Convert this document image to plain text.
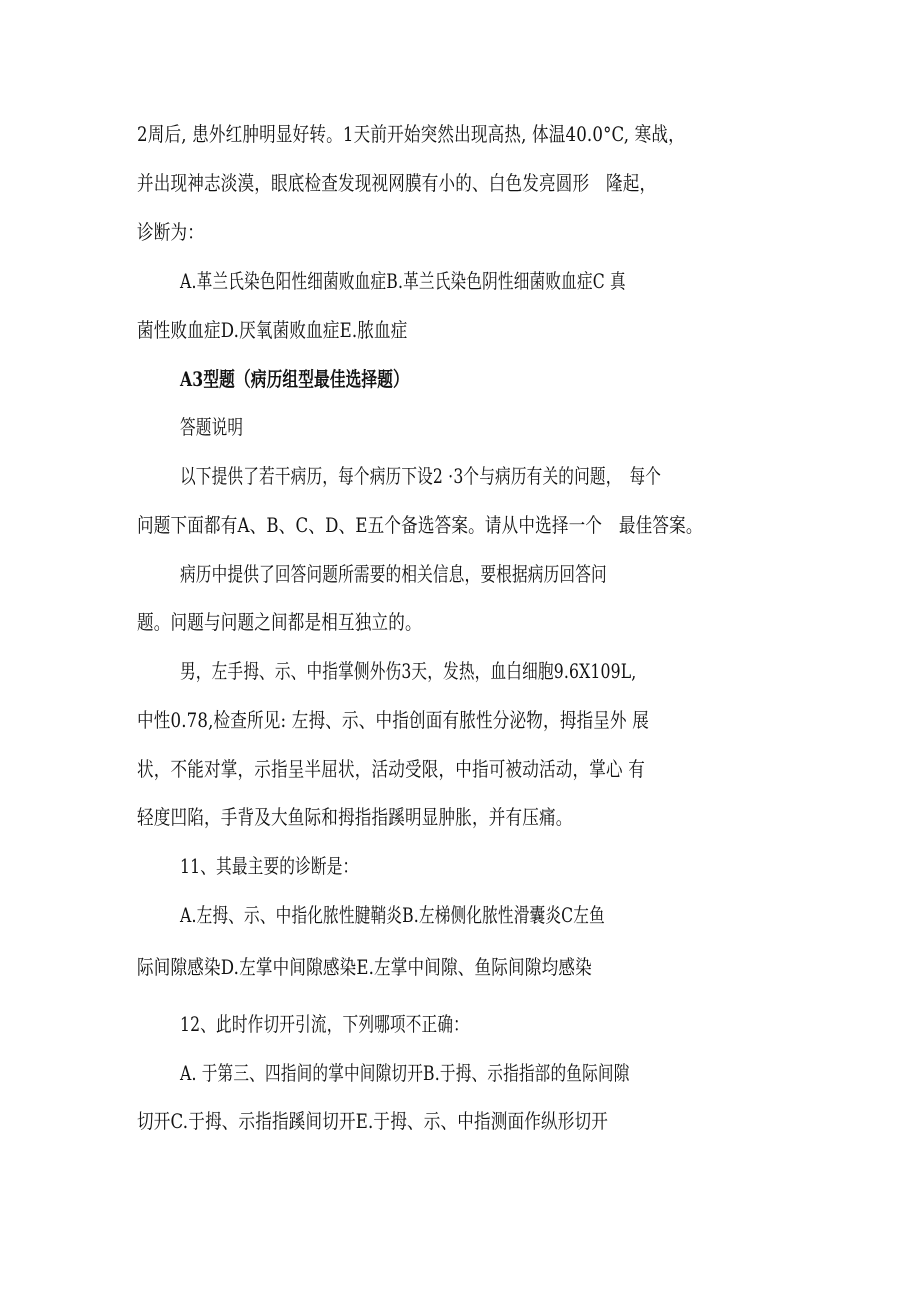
2周后, 患外红肿明显好转。1天前开始突然出现高热, 体温40.0°C, 寒战，
并出现神志淡漠，眼底检查发现视网膜有小的、白色发亮圆形　隆起，
诊断为：
A.革兰氏染色阳性细菌败血症B.革兰氏染色阴性细菌败血症C 真
菌性败血症D.厌氧菌败血症E.脓血症
A3型题（病历组型最佳选择题）
答题说明
以下提供了若干病历，每个病历下设2 ·3个与病历有关的问题，　每个
问题下面都有A、B、C、D、E五个备选答案。请从中选择一个　最佳答案。
病历中提供了回答问题所需要的相关信息，要根据病历回答问
题。问题与问题之间都是相互独立的。
男，左手拇、示、中指掌侧外伤3天，发热，血白细胞9.6X109L,
中性0.78,检查所见: 左拇、示、中指创面有脓性分泌物，拇指呈外 展
状，不能对掌，示指呈半屈状，活动受限，中指可被动活动，掌心 有
轻度凹陷，手背及大鱼际和拇指指蹊明显肿胀，并有压痛。
11、其最主要的诊断是：
A.左拇、示、中指化脓性腱鞘炎B.左梯侧化脓性滑囊炎C左鱼
际间隙感染D.左掌中间隙感染E.左掌中间隙、鱼际间隙均感染
12、此时作切开引流，下列哪项不正确：
A. 于第三、四指间的掌中间隙切开B.于拇、示指指部的鱼际间隙
切开C.于拇、示指指蹊间切开E.于拇、示、中指测面作纵形切开
